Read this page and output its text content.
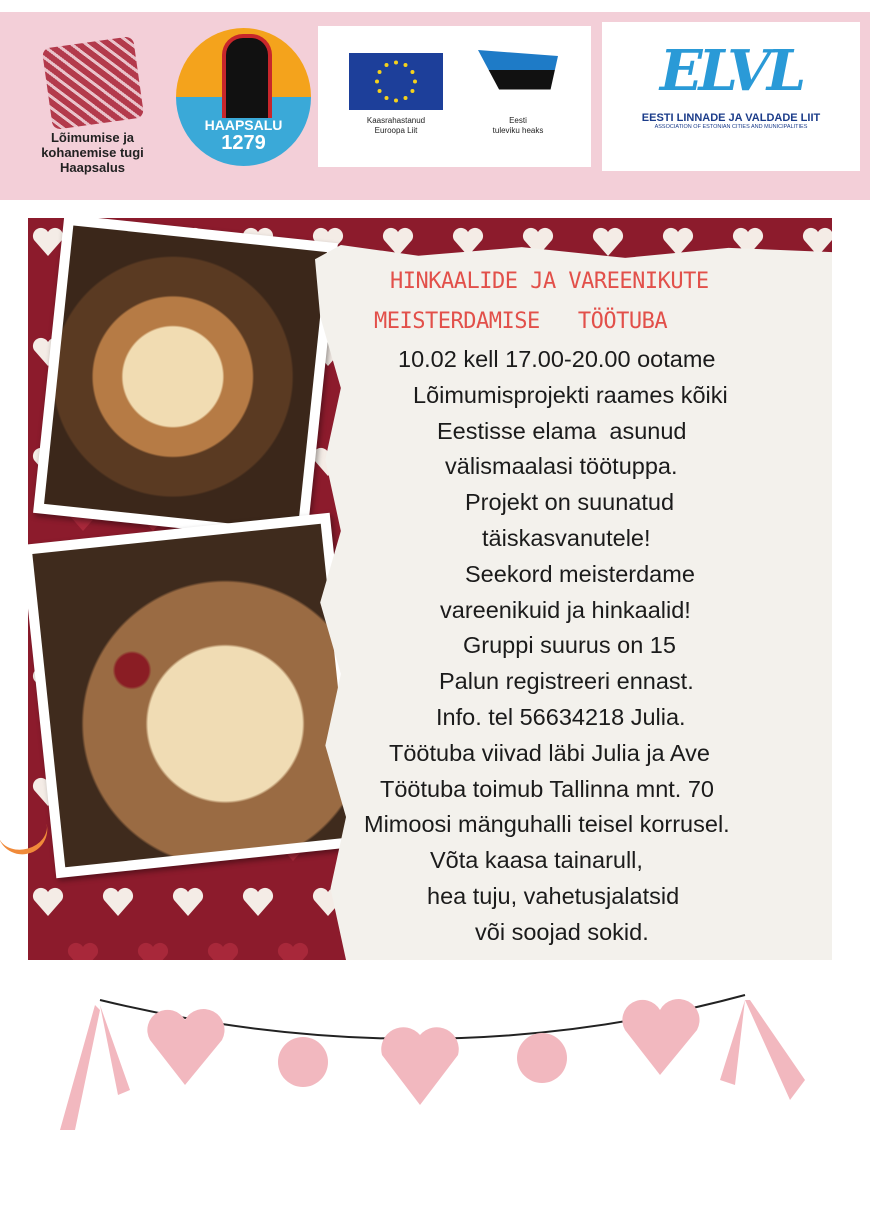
Lõimumise ja
kohanemise tugi
Haapsalus
HAAPSALU
1279
Kaasrahastanud
Euroopa Liit
Eesti
tuleviku heaks
ELVL
EESTI LINNADE JA VALDADE LIIT
ASSOCIATION OF ESTONIAN CITIES AND MUNICIPALITIES
HINKAALIDE JA VAREENIKUTE
MEISTERDAMISE   TÖÖTUBA
10.02 kell 17.00-20.00 ootame
Lõimumisprojekti raames kõiki
Eestisse elama  asunud
välismaalasi töötuppa.
Projekt on suunatud
täiskasvanutele!
Seekord meisterdame
vareenikuid ja hinkaalid!
Gruppi suurus on 15
Palun registreeri ennast.
Info. tel 56634218 Julia.
Töötuba viivad läbi Julia ja Ave
Töötuba toimub Tallinna mnt. 70
Mimoosi mänguhalli teisel korrusel.
Võta kaasa tainarull,
hea tuju, vahetusjalatsid
või soojad sokid.
